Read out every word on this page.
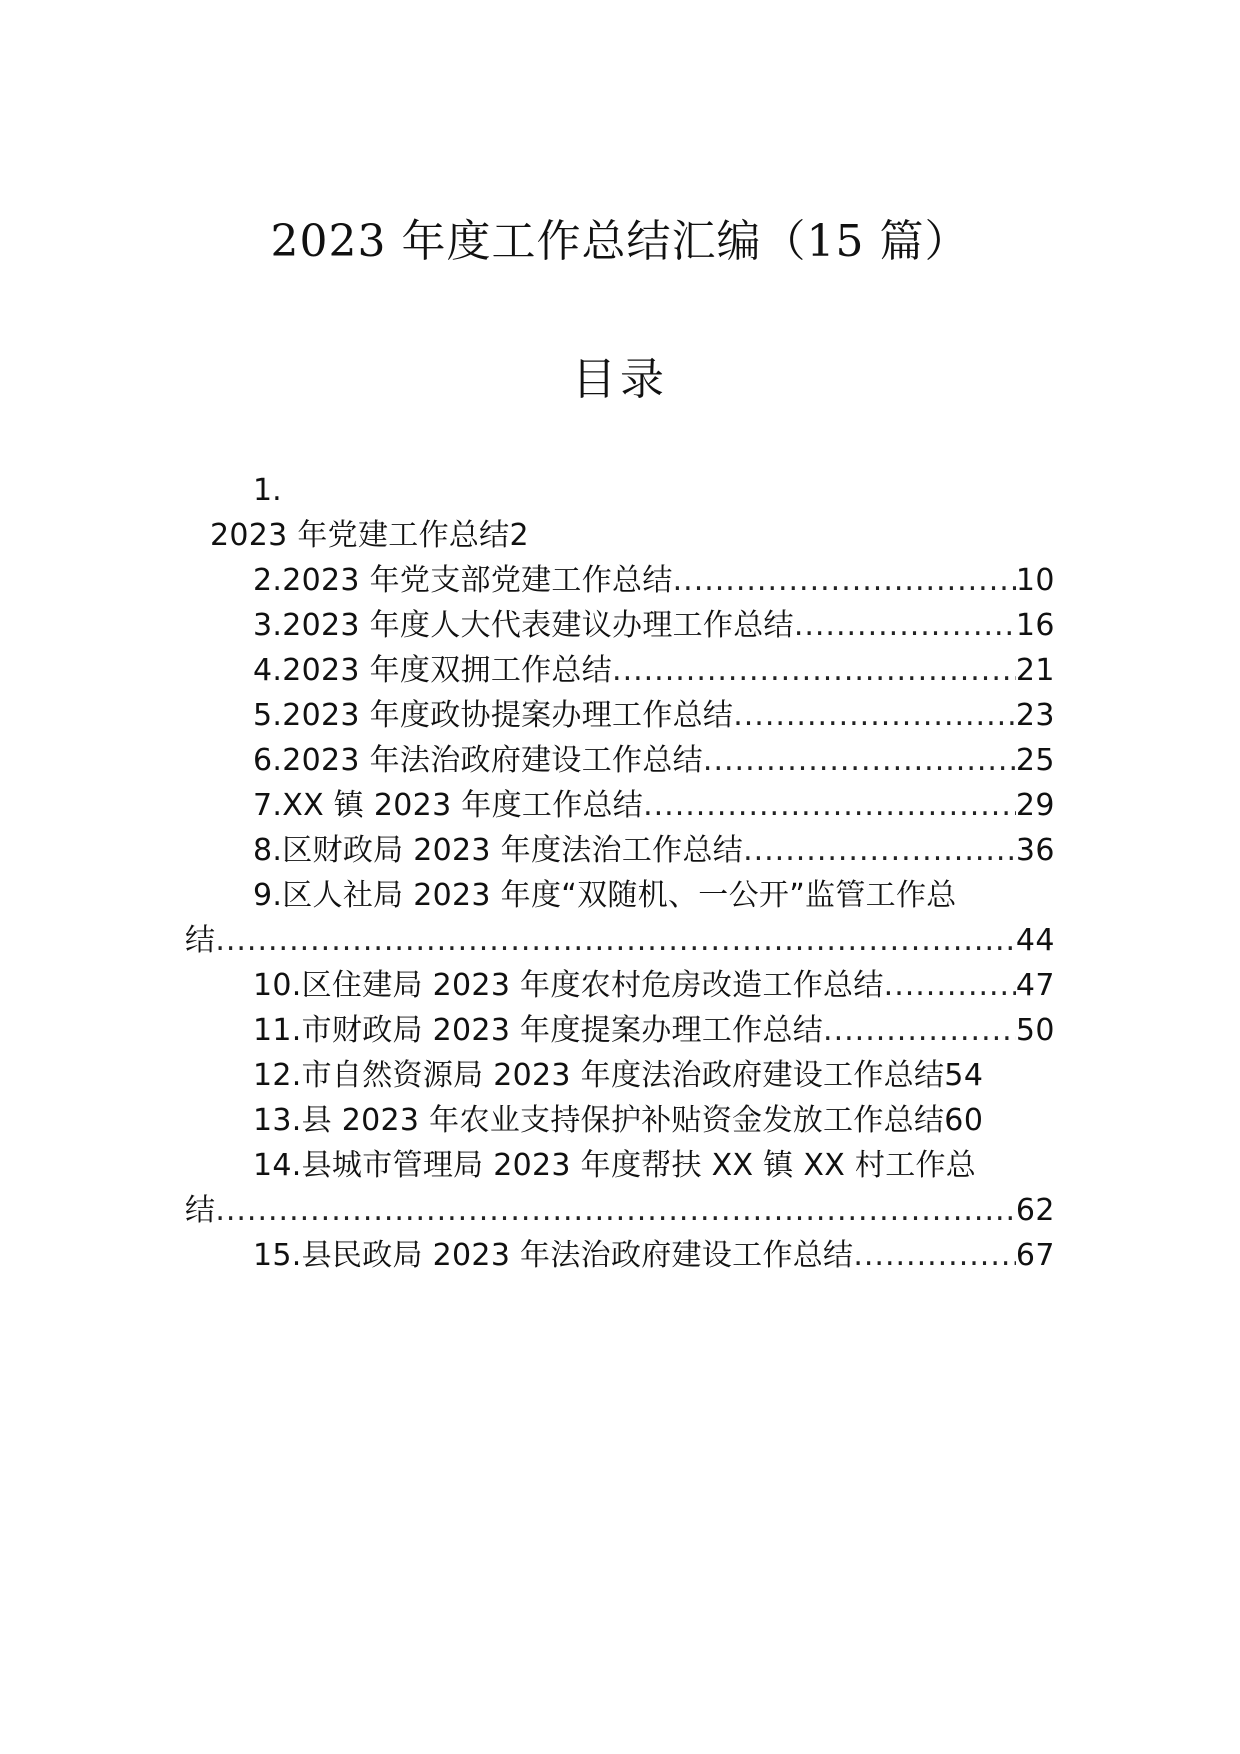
2023 年度工作总结汇编（15 篇）
目录
1.
2023 年党建工作总结 2
2. 2023 年党支部党建工作总结 .....	10
3. 2023 年度人大代表建议办理工作总结 .....	16
4. 2023 年度双拥工作总结 .....	21
5. 2023 年度政协提案办理工作总结 .....	23
6. 2023 年法治政府建设工作总结 .....	25
7. XX 镇 2023 年度工作总结 .....	29
8. 区财政局 2023 年度法治工作总结 .....	36
9. 区人社局 2023 年度“双随机、一公开”监管工作总
结 .....	44
10. 区住建局 2023 年度农村危房改造工作总结 .....	47
11. 市财政局 2023 年度提案办理工作总结 .....	50
12. 市自然资源局 2023 年度法治政府建设工作总结 54
13. 县 2023 年农业支持保护补贴资金发放工作总结 60
14. 县城市管理局 2023 年度帮扶 XX 镇 XX 村工作总
结 .....	62
15. 县民政局 2023 年法治政府建设工作总结 .....	67
